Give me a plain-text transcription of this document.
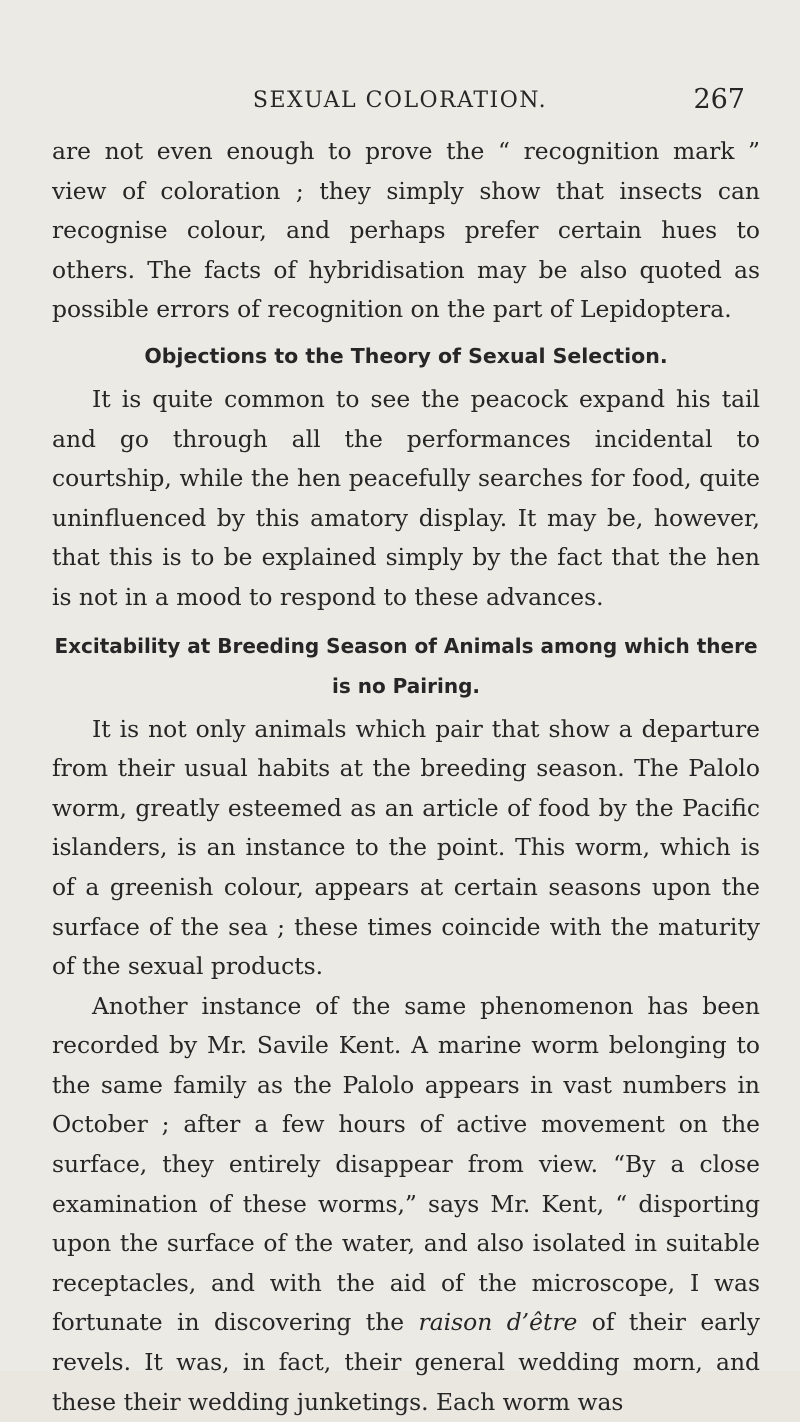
SEXUAL COLORATION.	267

are not even enough to prove the “ recognition mark ” view of coloration ; they simply show that insects can recognise colour, and perhaps prefer certain hues to others. The facts of hybridisation may be also quoted as possible errors of recognition on the part of Lepidoptera.

Objections to the Theory of Sexual Selection.

It is quite common to see the peacock expand his tail and go through all the performances incidental to courtship, while the hen peacefully searches for food, quite uninfluenced by this amatory display. It may be, however, that this is to be explained simply by the fact that the hen is not in a mood to respond to these advances.

Excitability at Breeding Season of Animals among which there is no Pairing.

It is not only animals which pair that show a departure from their usual habits at the breeding season. The Palolo worm, greatly esteemed as an article of food by the Pacific islanders, is an instance to the point. This worm, which is of a greenish colour, appears at certain seasons upon the surface of the sea ; these times coincide with the maturity of the sexual products.

Another instance of the same phenomenon has been recorded by Mr. Savile Kent. A marine worm belonging to the same family as the Palolo appears in vast numbers in October ; after a few hours of active movement on the surface, they entirely disappear from view. “By a close examination of these worms,” says Mr. Kent, “ disporting upon the surface of the water, and also isolated in suitable receptacles, and with the aid of the microscope, I was fortunate in discovering the raison d’être of their early revels. It was, in fact, their general wedding morn, and these their wedding junketings. Each worm was
